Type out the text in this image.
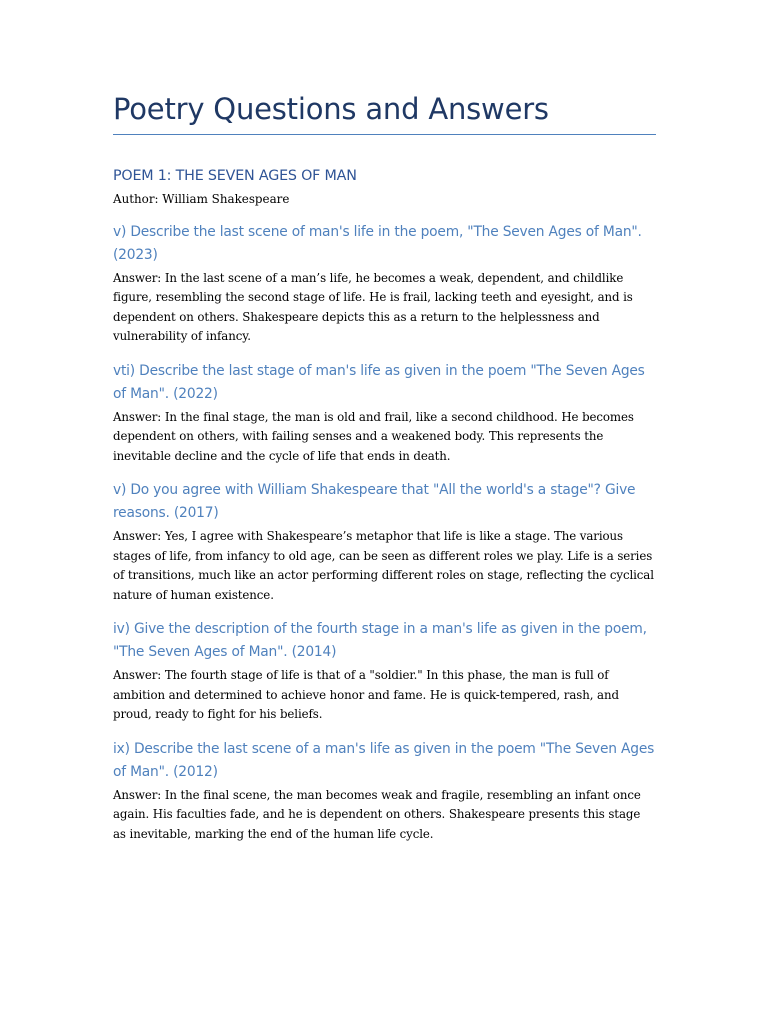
Poetry Questions and Answers
POEM 1: THE SEVEN AGES OF MAN

Author: William Shakespeare

v) Describe the last scene of man's life in the poem, "The Seven Ages of Man". (2023)

Answer: In the last scene of a man’s life, he becomes a weak, dependent, and childlike figure, resembling the second stage of life. He is frail, lacking teeth and eyesight, and is dependent on others. Shakespeare depicts this as a return to the helplessness and vulnerability of infancy.

vti) Describe the last stage of man's life as given in the poem "The Seven Ages of Man". (2022)

Answer: In the final stage, the man is old and frail, like a second childhood. He becomes dependent on others, with failing senses and a weakened body. This represents the inevitable decline and the cycle of life that ends in death.

v) Do you agree with William Shakespeare that "All the world's a stage"? Give reasons. (2017)

Answer: Yes, I agree with Shakespeare’s metaphor that life is like a stage. The various stages of life, from infancy to old age, can be seen as different roles we play. Life is a series of transitions, much like an actor performing different roles on stage, reflecting the cyclical nature of human existence.

iv) Give the description of the fourth stage in a man's life as given in the poem, "The Seven Ages of Man". (2014)

Answer: The fourth stage of life is that of a "soldier." In this phase, the man is full of ambition and determined to achieve honor and fame. He is quick-tempered, rash, and proud, ready to fight for his beliefs.

ix) Describe the last scene of a man's life as given in the poem "The Seven Ages of Man". (2012)

Answer: In the final scene, the man becomes weak and fragile, resembling an infant once again. His faculties fade, and he is dependent on others. Shakespeare presents this stage as inevitable, marking the end of the human life cycle.
